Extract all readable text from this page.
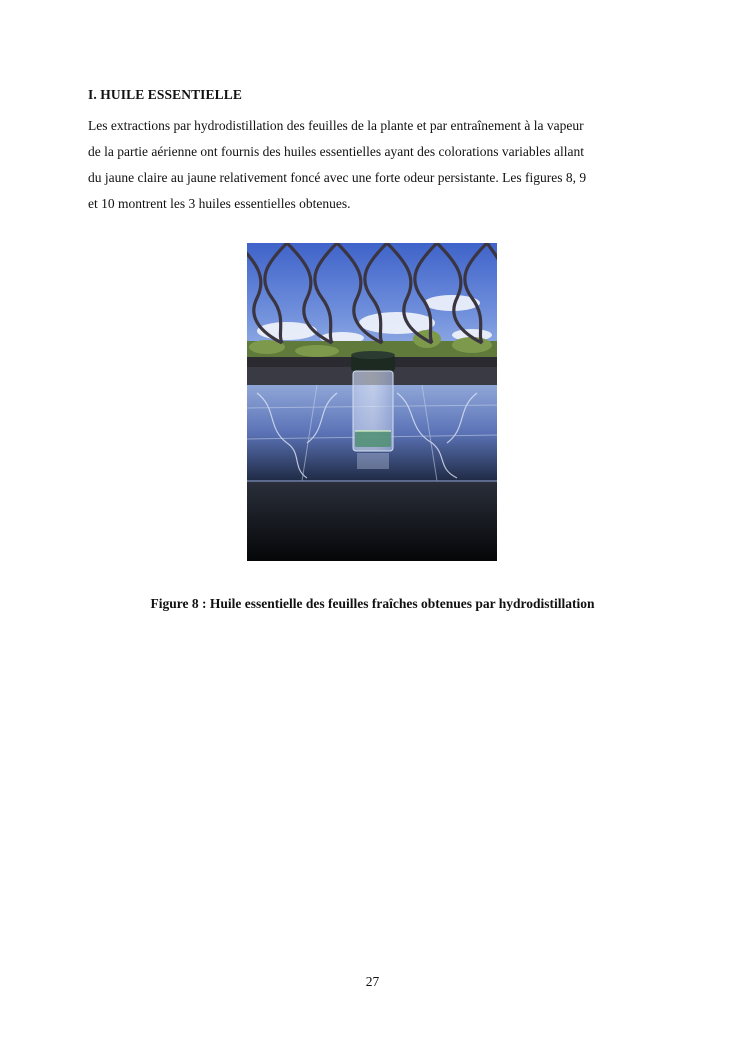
I. HUILE ESSENTIELLE
Les extractions par hydrodistillation des feuilles de la plante et par entraînement à la vapeur
de la partie aérienne ont fournis des huiles essentielles ayant des colorations variables allant
du jaune claire au jaune relativement foncé avec une forte odeur persistante. Les figures 8, 9
et 10 montrent les 3 huiles essentielles obtenues.

Figure 8 : Huile essentielle des feuilles fraîches obtenues par hydrodistillation

27
